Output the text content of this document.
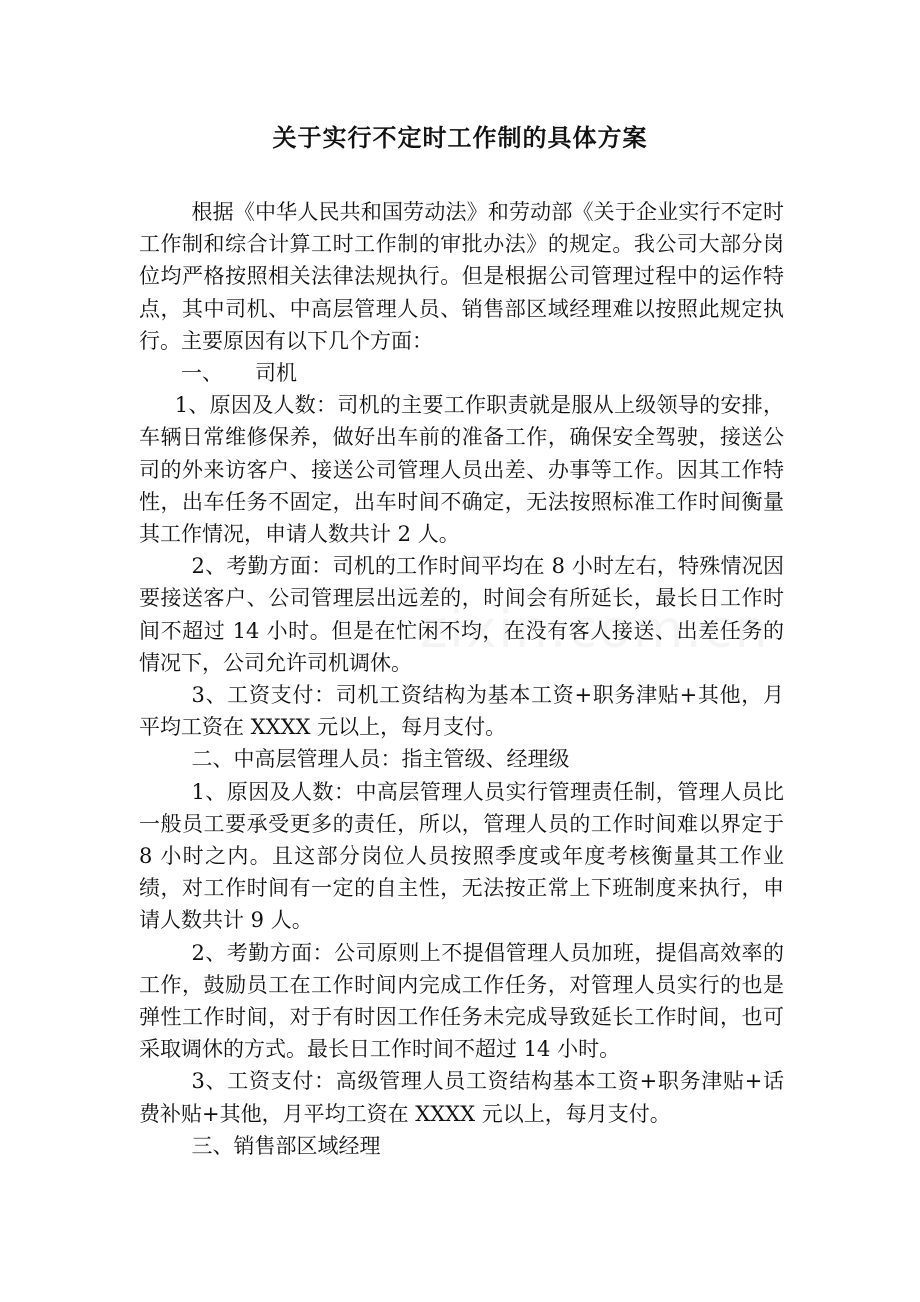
关于实行不定时工作制的具体方案

根据《中华人民共和国劳动法》和劳动部《关于企业实行不定时工作制和综合计算工时工作制的审批办法》的规定。我公司大部分岗位均严格按照相关法律法规执行。但是根据公司管理过程中的运作特点，其中司机、中高层管理人员、销售部区域经理难以按照此规定执行。主要原因有以下几个方面：

一、 司机

1、原因及人数：司机的主要工作职责就是服从上级领导的安排，车辆日常维修保养，做好出车前的准备工作，确保安全驾驶，接送公司的外来访客户、接送公司管理人员出差、办事等工作。因其工作特性，出车任务不固定，出车时间不确定，无法按照标准工作时间衡量其工作情况，申请人数共计 2 人。

2、考勤方面：司机的工作时间平均在 8 小时左右，特殊情况因要接送客户、公司管理层出远差的，时间会有所延长，最长日工作时间不超过 14 小时。但是在忙闲不均，在没有客人接送、出差任务的情况下，公司允许司机调休。

3、工资支付：司机工资结构为基本工资+职务津贴+其他，月平均工资在 XXXX 元以上，每月支付。

二、中高层管理人员：指主管级、经理级

1、原因及人数：中高层管理人员实行管理责任制，管理人员比一般员工要承受更多的责任，所以，管理人员的工作时间难以界定于 8 小时之内。且这部分岗位人员按照季度或年度考核衡量其工作业绩，对工作时间有一定的自主性，无法按正常上下班制度来执行，申请人数共计 9 人。

2、考勤方面：公司原则上不提倡管理人员加班，提倡高效率的工作，鼓励员工在工作时间内完成工作任务，对管理人员实行的也是弹性工作时间，对于有时因工作任务未完成导致延长工作时间，也可采取调休的方式。最长日工作时间不超过 14 小时。

3、工资支付：高级管理人员工资结构基本工资+职务津贴+话费补贴+其他，月平均工资在 XXXX 元以上，每月支付。

三、销售部区域经理
